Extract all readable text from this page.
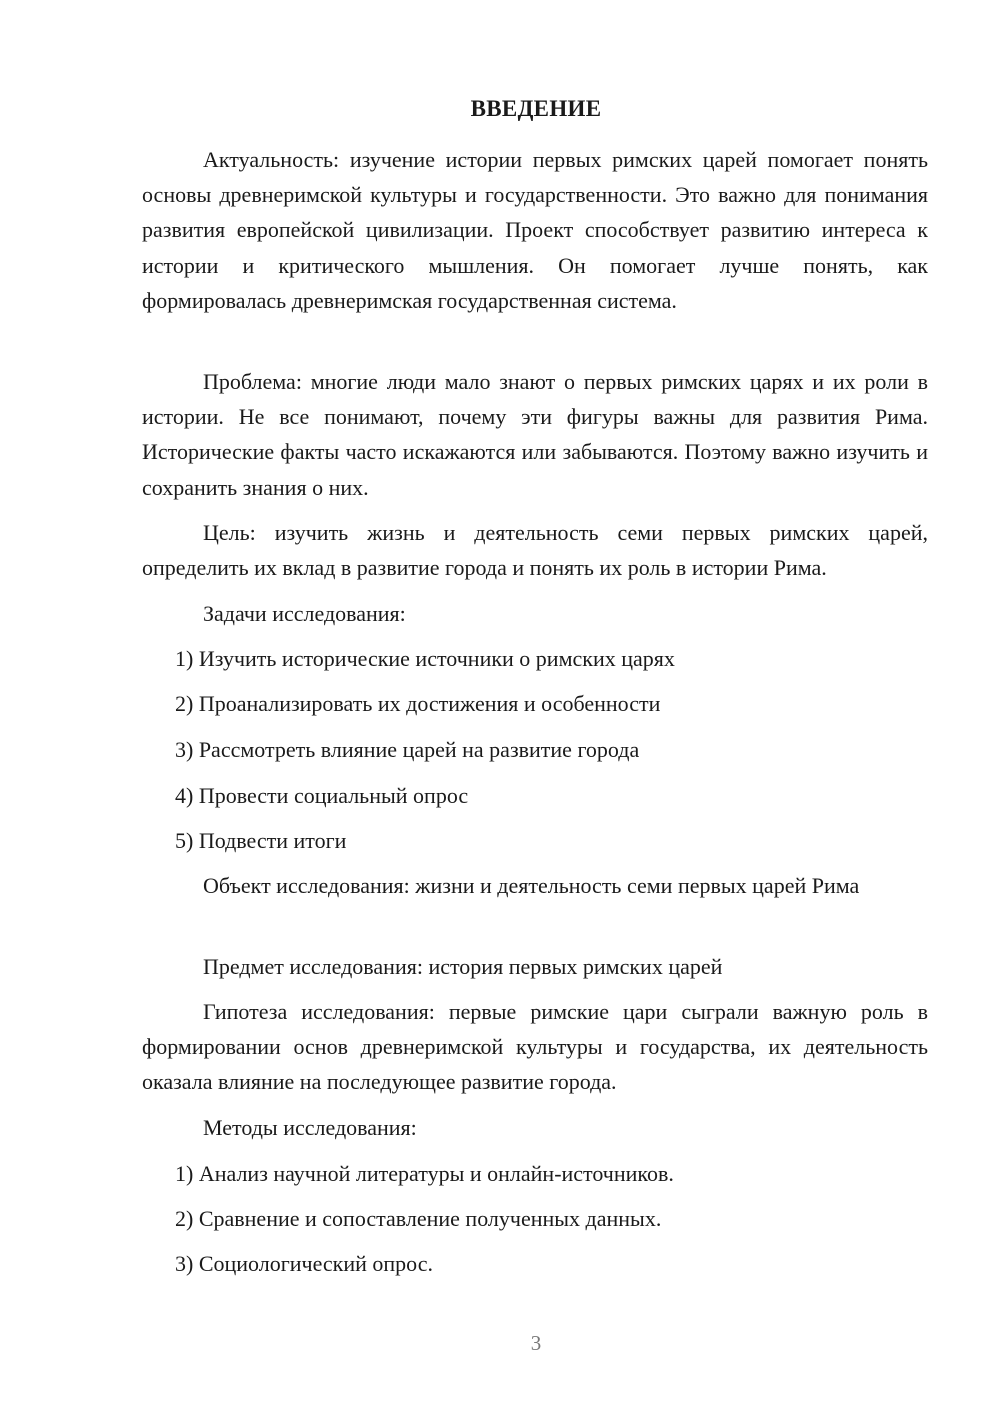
ВВЕДЕНИЕ

Актуальность: изучение истории первых римских царей помогает понять основы древнеримской культуры и государственности. Это важно для понимания развития европейской цивилизации. Проект способствует развитию интереса к истории и критического мышления. Он помогает лучше понять, как формировалась древнеримская государственная система.

Проблема: многие люди мало знают о первых римских царях и их роли в истории. Не все понимают, почему эти фигуры важны для развития Рима. Исторические факты часто искажаются или забываются. Поэтому важно изучить и сохранить знания о них.

Цель: изучить жизнь и деятельность семи первых римских царей, определить их вклад в развитие города и понять их роль в истории Рима.

Задачи исследования:

1) Изучить исторические источники о римских царях

2) Проанализировать их достижения и особенности

3) Рассмотреть влияние царей на развитие города

4) Провести социальный опрос

5) Подвести итоги

Объект исследования: жизни и деятельность семи первых царей Рима

Предмет исследования: история первых римских царей

Гипотеза исследования: первые римские цари сыграли важную роль в формировании основ древнеримской культуры и государства, их деятельность оказала влияние на последующее развитие города.

Методы исследования:

1) Анализ научной литературы и онлайн-источников.

2) Сравнение и сопоставление полученных данных.

3) Социологический опрос.

3
